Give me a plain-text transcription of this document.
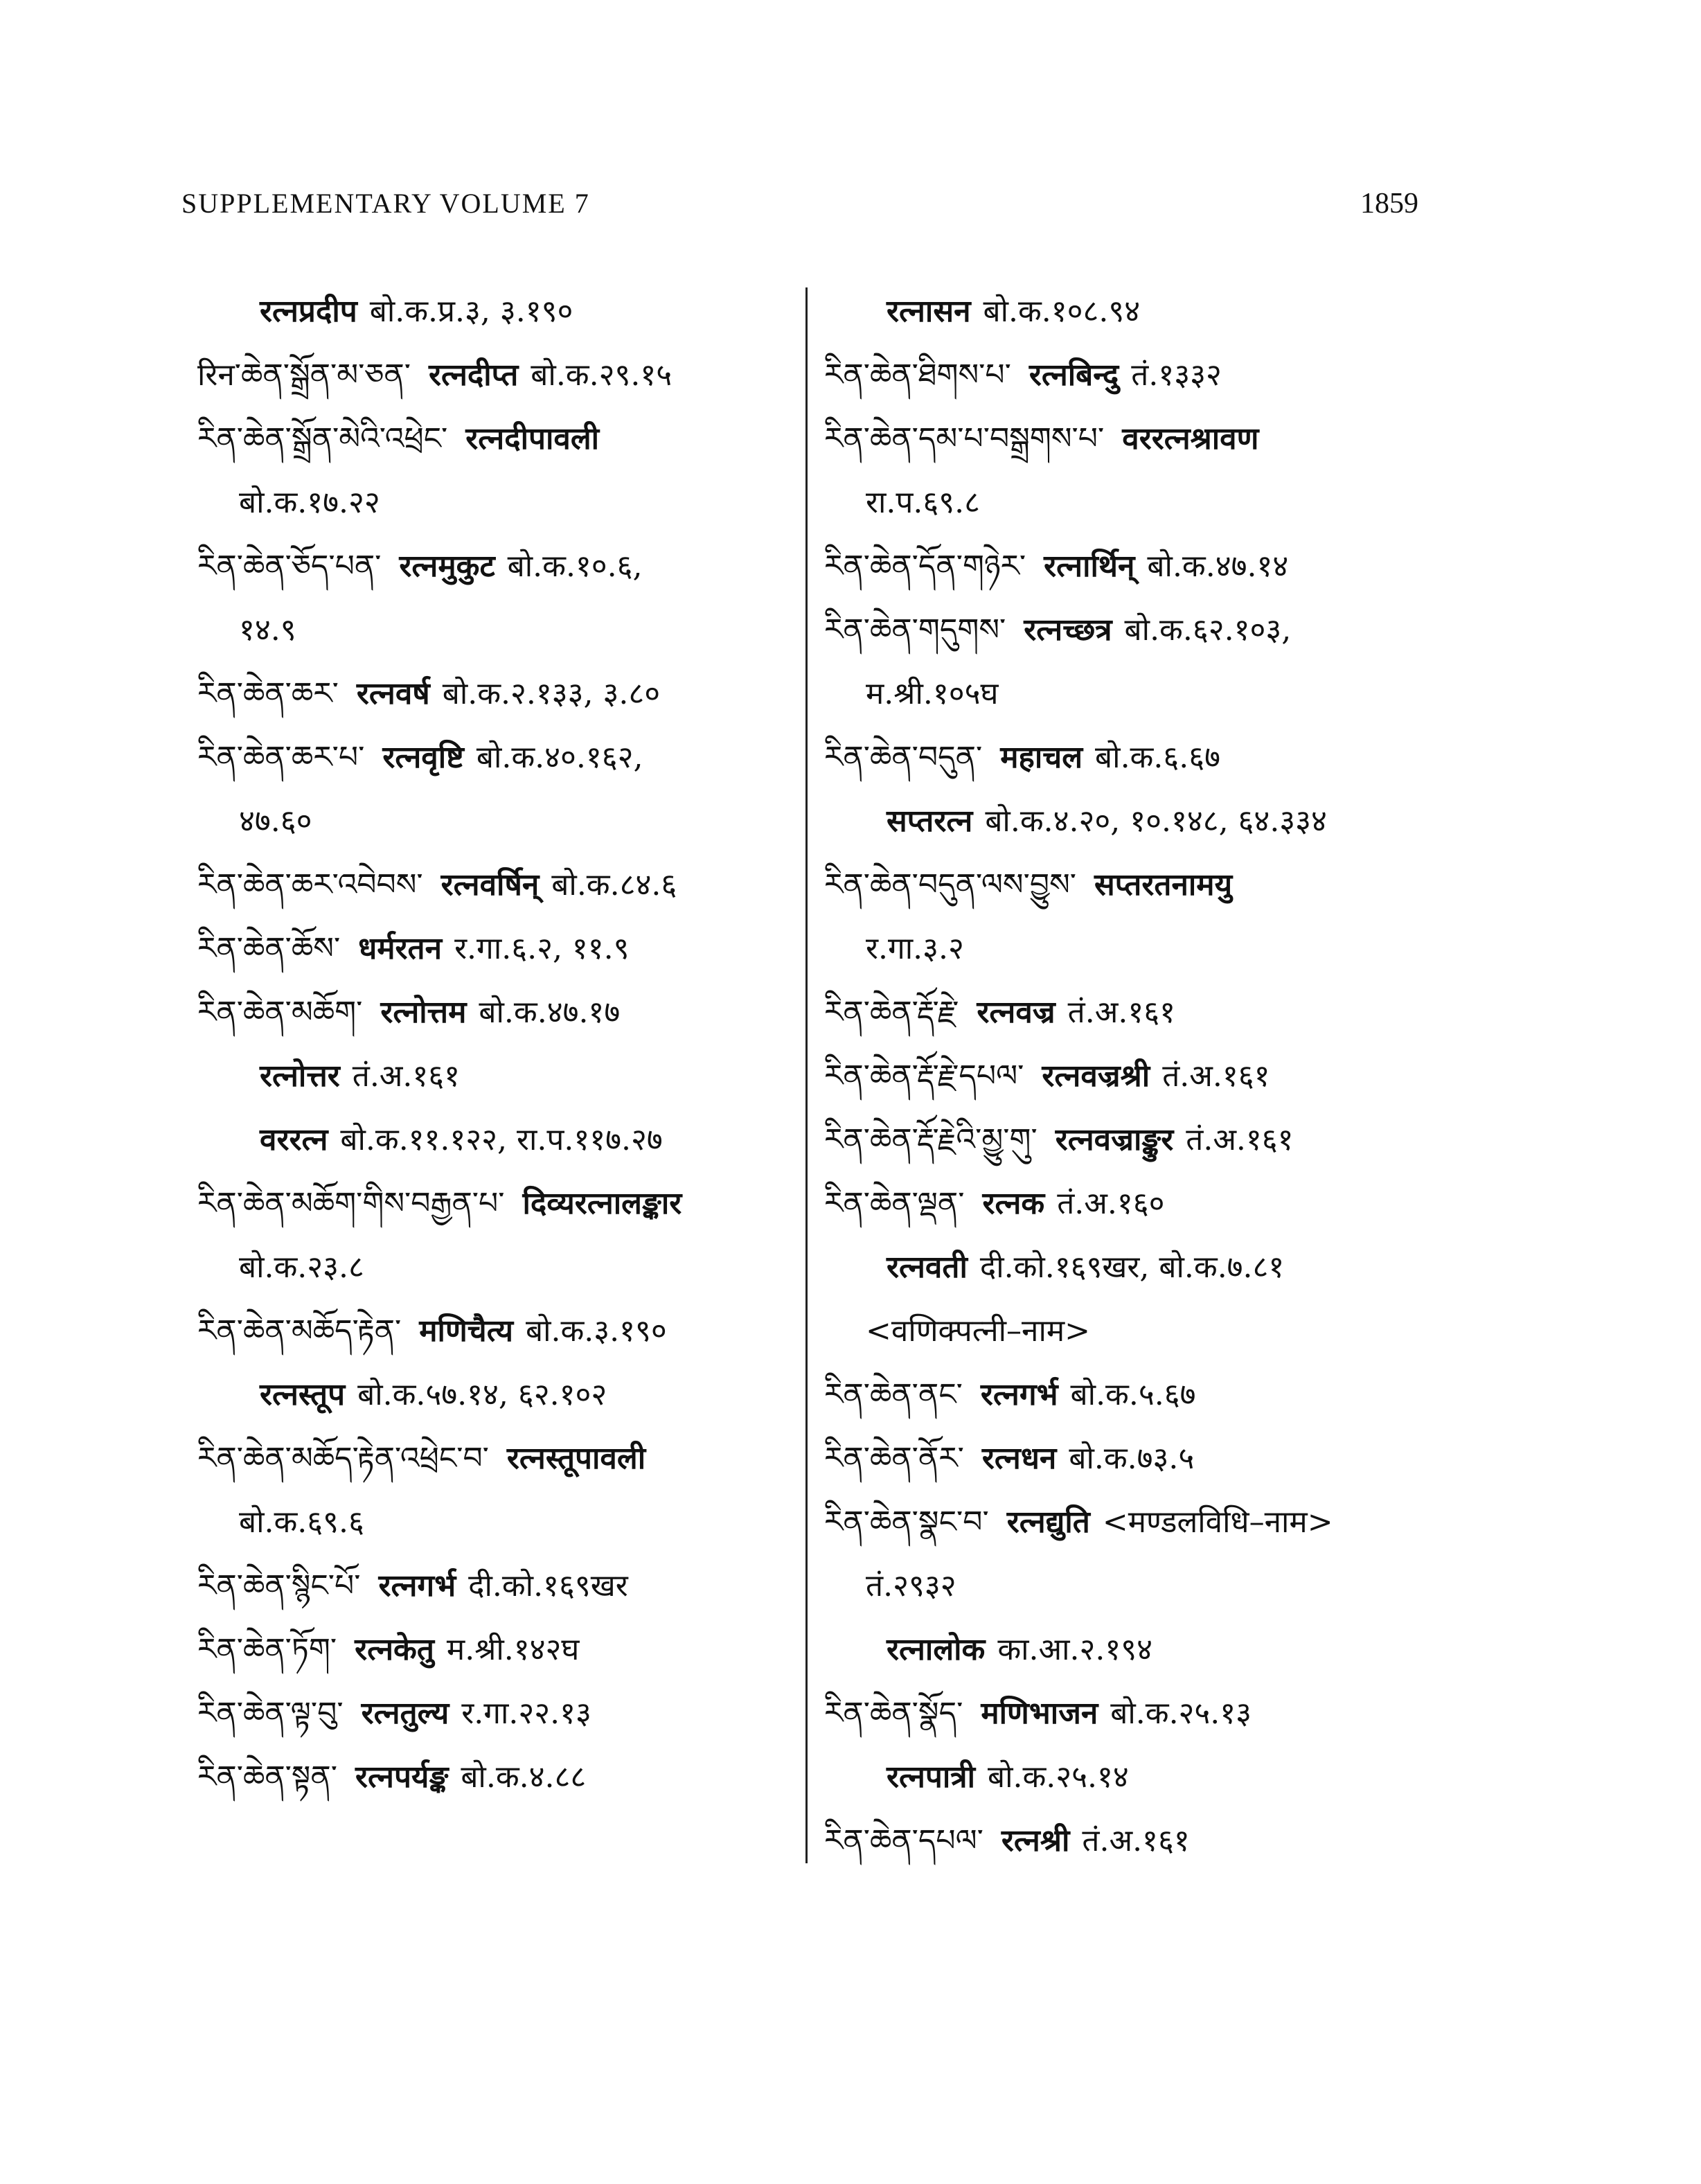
SUPPLEMENTARY VOLUME 7	1859
रत्नप्रदीप बो.क.प्र.३, ३.१९०
रिन་ཆེན་སྒྲོན་མ་ཅན་ रत्नदीप्त बो.क.२९.१५
རིན་ཆེན་སྒྲོན་མེའི་འཕྲེང་ रत्नदीपावली
बो.क.१७.२२
རིན་ཆེན་ཅོད་པན་ रत्नमुकुट बो.क.१०.६,
१४.९
རིན་ཆེན་ཆར་ रत्नवर्ष बो.क.२.१३३, ३.८०
རིན་ཆེན་ཆར་པ་ रत्नवृष्टि बो.क.४०.१६२,
४७.६०
རིན་ཆེན་ཆར་འབེབས་ रत्नवर्षिन् बो.क.८४.६
རིན་ཆེན་ཆོས་ धर्मरतन र.गा.६.२, ११.९
རིན་ཆེན་མཆོག་ रत्नोत्तम बो.क.४७.१७
रत्नोत्तर तं.अ.१६१
वररत्न बो.क.११.१२२, रा.प.११७.२७
རིན་ཆེན་མཆོག་གིས་བརྒྱན་པ་ दिव्यरत्नालङ्कार
बो.क.२३.८
རིན་ཆེན་མཆོད་རྟེན་ मणिचैत्य बो.क.३.१९०
रत्नस्तूप बो.क.५७.१४, ६२.१०२
རིན་ཆེན་མཆོད་རྟེན་འཕྲེང་བ་ रत्नस्तूपावली
बो.क.६९.६
རིན་ཆེན་སྙིང་པོ་ रत्नगर्भ दी.को.१६९खर
རིན་ཆེན་ཏོག་ रत्नकेतु म.श्री.१४२घ
རིན་ཆེན་ལྟ་བུ་ रत्नतुल्य र.गा.२२.१३
རིན་ཆེན་སྟན་ रत्नपर्यङ्क बो.क.४.८८
रत्नासन बो.क.१०८.९४
རིན་ཆེན་ཐིགས་པ་ रत्नबिन्दु तं.१३३२
རིན་ཆེན་དམ་པ་བསྒྲགས་པ་ वररत्नश्रावण
रा.प.६९.८
རིན་ཆེན་དོན་གཉེར་ रत्नार्थिन् बो.क.४७.१४
རིན་ཆེན་གདུགས་ रत्नच्छत्र बो.क.६२.१०३,
म.श्री.१०५घ
རིན་ཆེན་བདུན་ महाचल बो.क.६.६७
सप्तरत्न बो.क.४.२०, १०.१४८, ६४.३३४
རིན་ཆེན་བདུན་ལས་བྱུས་ सप्तरतनामयु
र.गा.३.२
རིན་ཆེན་རྡོ་རྗེ་ रत्नवज्र तं.अ.१६१
རིན་ཆེན་རྡོ་རྗེ་དཔལ་ रत्नवज्रश्री तं.अ.१६१
རིན་ཆེན་རྡོ་རྗེའི་མྱུ་གུ་ रत्नवज्राङ्कुर तं.अ.१६१
རིན་ཆེན་ལྡན་ रत्नक तं.अ.१६०
रत्नवती दी.को.१६९खर, बो.क.७.८१
<वणिक्पत्नी–नाम>
རིན་ཆེན་ནང་ रत्नगर्भ बो.क.५.६७
རིན་ཆེན་ནོར་ रत्नधन बो.क.७३.५
རིན་ཆེན་སྣང་བ་ रत्नद्युति <मण्डलविधि–नाम>
तं.२९३२
रत्नालोक का.आ.२.१९४
རིན་ཆེན་སྣོད་ मणिभाजन बो.क.२५.१३
रत्नपात्री बो.क.२५.१४
རིན་ཆེན་དཔལ་ रत्नश्री तं.अ.१६१
